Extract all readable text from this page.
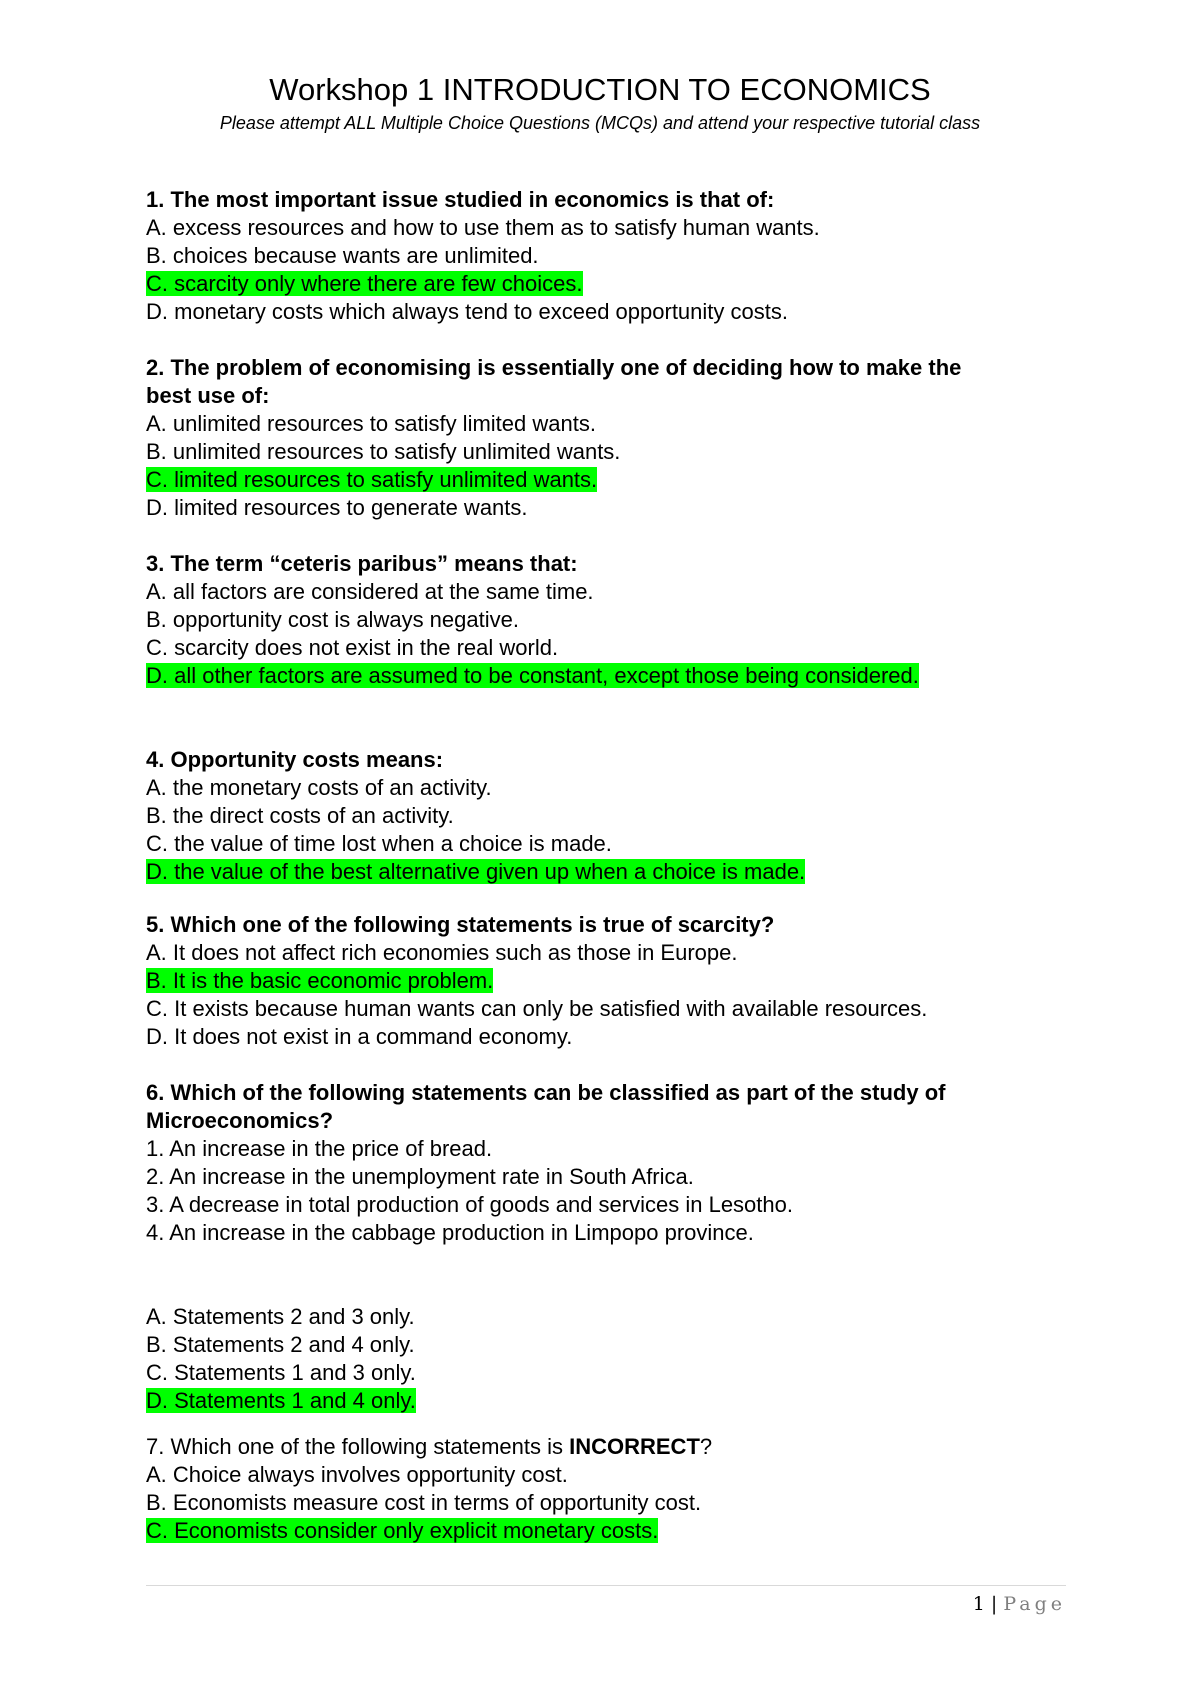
Workshop 1 INTRODUCTION TO ECONOMICS
Please attempt ALL Multiple Choice Questions (MCQs) and attend your respective tutorial class
1. The most important issue studied in economics is that of:
A. excess resources and how to use them as to satisfy human wants.
B. choices because wants are unlimited.
C. scarcity only where there are few choices.
D. monetary costs which always tend to exceed opportunity costs.
2. The problem of economising is essentially one of deciding how to make the
best use of:
A. unlimited resources to satisfy limited wants.
B. unlimited resources to satisfy unlimited wants.
C. limited resources to satisfy unlimited wants.
D. limited resources to generate wants.
3. The term “ceteris paribus” means that:
A. all factors are considered at the same time.
B. opportunity cost is always negative.
C. scarcity does not exist in the real world.
D. all other factors are assumed to be constant, except those being considered.
4. Opportunity costs means:
A. the monetary costs of an activity.
B. the direct costs of an activity.
C. the value of time lost when a choice is made.
D. the value of the best alternative given up when a choice is made.
5. Which one of the following statements is true of scarcity?
A. It does not affect rich economies such as those in Europe.
B. It is the basic economic problem.
C. It exists because human wants can only be satisfied with available resources.
D. It does not exist in a command economy.
6. Which of the following statements can be classified as part of the study of
Microeconomics?
1. An increase in the price of bread.
2. An increase in the unemployment rate in South Africa.
3. A decrease in total production of goods and services in Lesotho.
4. An increase in the cabbage production in Limpopo province.
A. Statements 2 and 3 only.
B. Statements 2 and 4 only.
C. Statements 1 and 3 only.
D. Statements 1 and 4 only.
7. Which one of the following statements is INCORRECT?
A. Choice always involves opportunity cost.
B. Economists measure cost in terms of opportunity cost.
C. Economists consider only explicit monetary costs.
1 | Page
